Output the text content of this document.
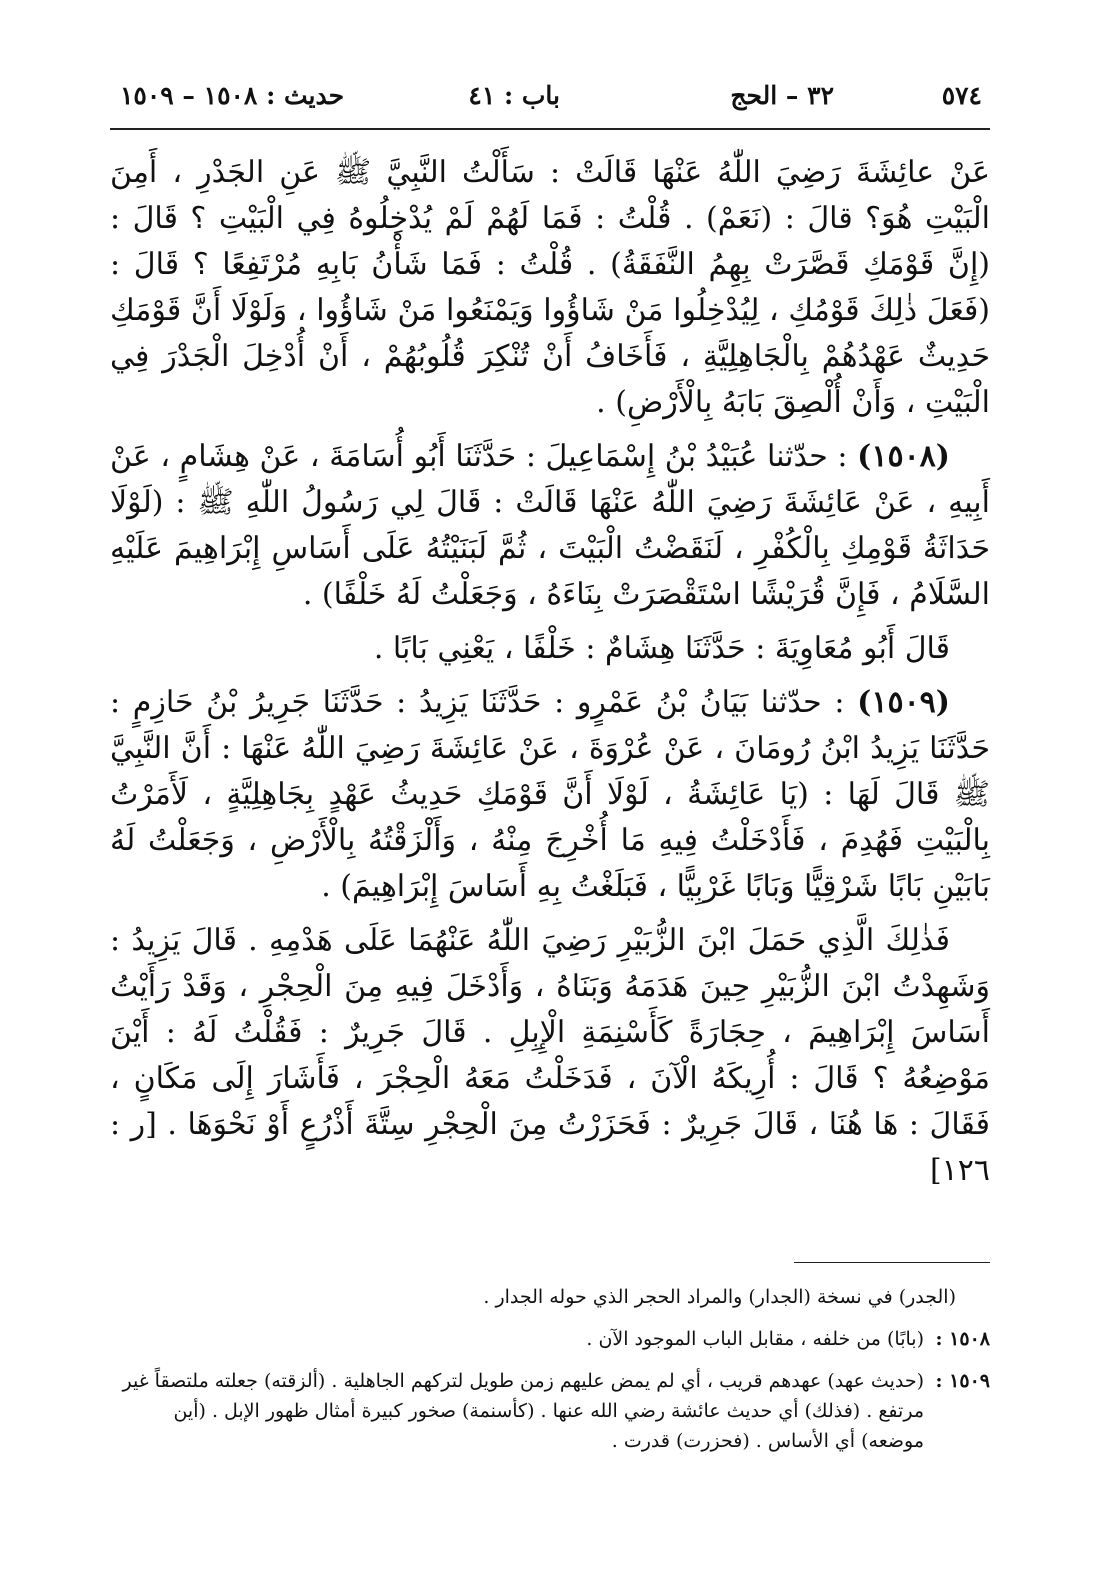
٥٧٤
٣٢ – الحج
باب : ٤١
حديث : ١٥٠٨ – ١٥٠٩

عَنْ عائِشَةَ رَضِيَ اللّٰهُ عَنْهَا قَالَتْ : سَأَلْتُ النَّبِيَّ ﷺ عَنِ الجَدْرِ ، أَمِنَ الْبَيْتِ هُوَ؟ قالَ : (نَعَمْ) . قُلْتُ : فَمَا لَهُمْ لَمْ يُدْخِلُوهُ فِي الْبَيْتِ ؟ قَالَ : (إِنَّ قَوْمَكِ قَصَّرَتْ بِهِمُ النَّفَقَةُ) . قُلْتُ : فَمَا شَأْنُ بَابِهِ مُرْتَفِعًا ؟ قَالَ : (فَعَلَ ذٰلِكَ قَوْمُكِ ، لِيُدْخِلُوا مَنْ شَاؤُوا وَيَمْنَعُوا مَنْ شَاؤُوا ، وَلَوْلَا أَنَّ قَوْمَكِ حَدِيثٌ عَهْدُهُمْ بِالْجَاهِلِيَّةِ ، فَأَخَافُ أَنْ تُنْكِرَ قُلُوبُهُمْ ، أَنْ أُدْخِلَ الْجَدْرَ فِي الْبَيْتِ ، وَأَنْ أُلْصِقَ بَابَهُ بِالْأَرْضِ) .

(١٥٠٨) : حدّثنا عُبَيْدُ بْنُ إِسْمَاعِيلَ : حَدَّثَنَا أَبُو أُسَامَةَ ، عَنْ هِشَامٍ ، عَنْ أَبِيهِ ، عَنْ عَائِشَةَ رَضِيَ اللّٰهُ عَنْهَا قَالَتْ : قَالَ لِي رَسُولُ اللّٰهِ ﷺ : (لَوْلَا حَدَاثَةُ قَوْمِكِ بِالْكُفْرِ ، لَنَقَضْتُ الْبَيْتَ ، ثُمَّ لَبَنَيْتُهُ عَلَى أَسَاسِ إِبْرَاهِيمَ عَلَيْهِ السَّلَامُ ، فَإِنَّ قُرَيْشًا اسْتَقْصَرَتْ بِنَاءَهُ ، وَجَعَلْتُ لَهُ خَلْفًا) .

قَالَ أَبُو مُعَاوِيَةَ : حَدَّثَنَا هِشَامٌ : خَلْفًا ، يَعْنِي بَابًا .

(١٥٠٩) : حدّثنا بَيَانُ بْنُ عَمْرٍو : حَدَّثَنَا يَزِيدُ : حَدَّثَنَا جَرِيرُ بْنُ حَازِمٍ : حَدَّثَنَا يَزِيدُ ابْنُ رُومَانَ ، عَنْ عُرْوَةَ ، عَنْ عَائِشَةَ رَضِيَ اللّٰهُ عَنْهَا : أَنَّ النَّبِيَّ ﷺ قَالَ لَهَا : (يَا عَائِشَةُ ، لَوْلَا أَنَّ قَوْمَكِ حَدِيثُ عَهْدٍ بِجَاهِلِيَّةٍ ، لَأَمَرْتُ بِالْبَيْتِ فَهُدِمَ ، فَأَدْخَلْتُ فِيهِ مَا أُخْرِجَ مِنْهُ ، وَأَلْزَقْتُهُ بِالْأَرْضِ ، وَجَعَلْتُ لَهُ بَابَيْنِ بَابًا شَرْقِيًّا وَبَابًا غَرْبِيًّا ، فَبَلَغْتُ بِهِ أَسَاسَ إِبْرَاهِيمَ) .

فَذٰلِكَ الَّذِي حَمَلَ ابْنَ الزُّبَيْرِ رَضِيَ اللّٰهُ عَنْهُمَا عَلَى هَدْمِهِ . قَالَ يَزِيدُ : وَشَهِدْتُ ابْنَ الزُّبَيْرِ حِينَ هَدَمَهُ وَبَنَاهُ ، وَأَدْخَلَ فِيهِ مِنَ الْحِجْرِ ، وَقَدْ رَأَيْتُ أَسَاسَ إِبْرَاهِيمَ ، حِجَارَةً كَأَسْنِمَةِ الْإِبِلِ . قَالَ جَرِيرٌ : فَقُلْتُ لَهُ : أَيْنَ مَوْضِعُهُ ؟ قَالَ : أُرِيكَهُ الْآنَ ، فَدَخَلْتُ مَعَهُ الْحِجْرَ ، فَأَشَارَ إِلَى مَكَانٍ ، فَقَالَ : هَا هُنَا ، قَالَ جَرِيرٌ : فَحَزَرْتُ مِنَ الْحِجْرِ سِتَّةَ أَذْرُعٍ أَوْ نَحْوَهَا . [ر : ١٢٦]

(الجدر) في نسخة (الجدار) والمراد الحجر الذي حوله الجدار .
١٥٠٨ :
(بابًا) من خلفه ، مقابل الباب الموجود الآن .
١٥٠٩ :
(حديث عهد) عهدهم قريب ، أي لم يمض عليهم زمن طويل لتركهم الجاهلية . (ألزقته) جعلته ملتصقاً غير مرتفع . (فذلك) أي حديث عائشة رضي الله عنها . (كأسنمة) صخور كبيرة أمثال ظهور الإبل . (أين موضعه) أي الأساس . (فحزرت) قدرت .
